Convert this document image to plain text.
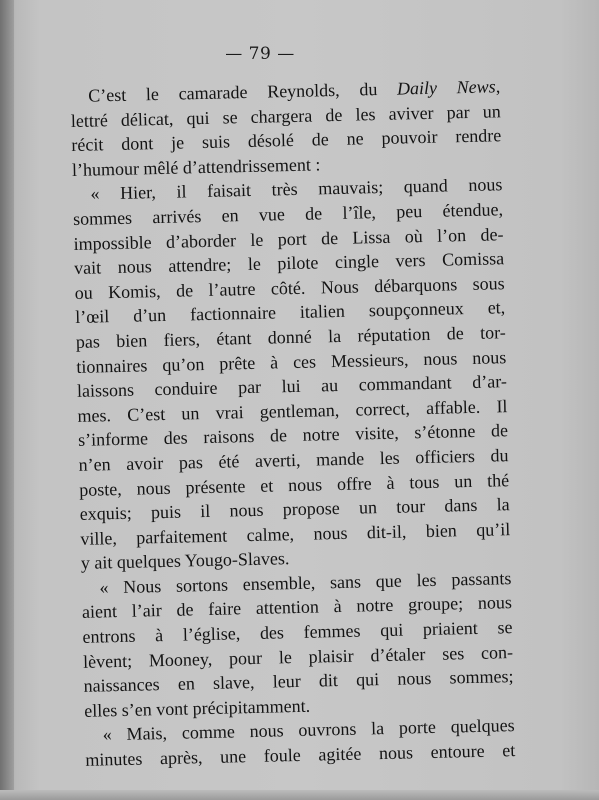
— 79 —
C’est le camarade Reynolds, du Daily News,
lettré délicat, qui se chargera de les aviver par un
récit dont je suis désolé de ne pouvoir rendre
l’humour mêlé d’attendrissement :
« Hier, il faisait très mauvais; quand nous
sommes arrivés en vue de l’île, peu étendue,
impossible d’aborder le port de Lissa où l’on de-
vait nous attendre; le pilote cingle vers Comissa
ou Komis, de l’autre côté. Nous débarquons sous
l’œil d’un factionnaire italien soupçonneux et,
pas bien fiers, étant donné la réputation de tor-
tionnaires qu’on prête à ces Messieurs, nous nous
laissons conduire par lui au commandant d’ar-
mes. C’est un vrai gentleman, correct, affable. Il
s’informe des raisons de notre visite, s’étonne de
n’en avoir pas été averti, mande les officiers du
poste, nous présente et nous offre à tous un thé
exquis; puis il nous propose un tour dans la
ville, parfaitement calme, nous dit-il, bien qu’il
y ait quelques Yougo-Slaves.
« Nous sortons ensemble, sans que les passants
aient l’air de faire attention à notre groupe; nous
entrons à l’église, des femmes qui priaient se
lèvent; Mooney, pour le plaisir d’étaler ses con-
naissances en slave, leur dit qui nous sommes;
elles s’en vont précipitamment.
« Mais, comme nous ouvrons la porte quelques
minutes après, une foule agitée nous entoure et
